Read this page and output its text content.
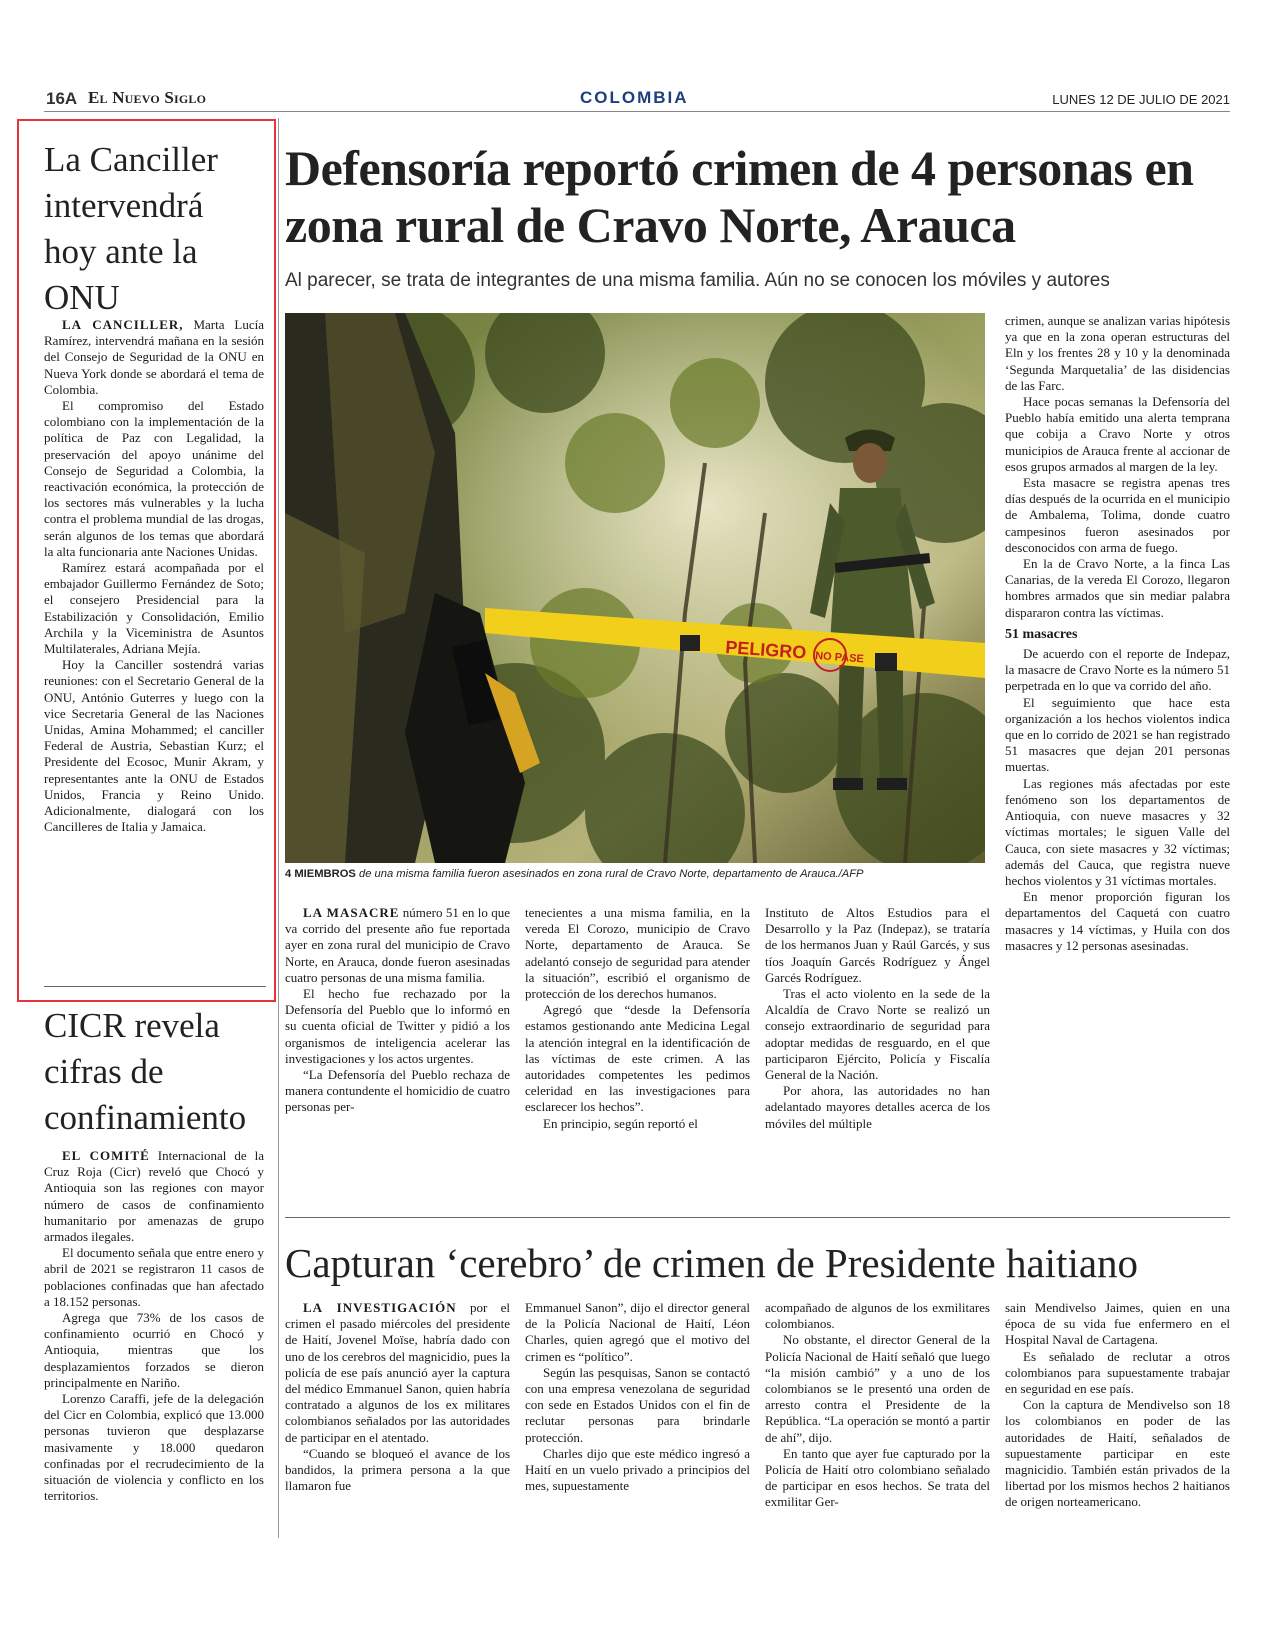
16A El Nuevo Siglo	COLOMBIA	LUNES 12 DE JULIO DE 2021
La Canciller intervendrá hoy ante la ONU

LA CANCILLER, Marta Lucía Ramírez, intervendrá mañana en la sesión del Consejo de Seguridad de la ONU en Nueva York donde se abordará el tema de Colombia.

El compromiso del Estado colombiano con la implementación de la política de Paz con Legalidad, la preservación del apoyo unánime del Consejo de Seguridad a Colombia, la reactivación económica, la protección de los sectores más vulnerables y la lucha contra el problema mundial de las drogas, serán algunos de los temas que abordará la alta funcionaria ante Naciones Unidas.

Ramírez estará acompañada por el embajador Guillermo Fernández de Soto; el consejero Presidencial para la Estabilización y Consolidación, Emilio Archila y la Viceministra de Asuntos Multilaterales, Adriana Mejía.

Hoy la Canciller sostendrá varias reuniones: con el Secretario General de la ONU, António Guterres y luego con la vice Secretaria General de las Naciones Unidas, Amina Mohammed; el canciller Federal de Austria, Sebastian Kurz; el Presidente del Ecosoc, Munir Akram, y representantes ante la ONU de Estados Unidos, Francia y Reino Unido. Adicionalmente, dialogará con los Cancilleres de Italia y Jamaica.

CICR revela cifras de confinamiento

EL COMITÉ Internacional de la Cruz Roja (Cicr) reveló que Chocó y Antioquia son las regiones con mayor número de casos de confinamiento humanitario por amenazas de grupo armados ilegales.

El documento señala que entre enero y abril de 2021 se registraron 11 casos de poblaciones confinadas que han afectado a 18.152 personas.

Agrega que 73% de los casos de confinamiento ocurrió en Chocó y Antioquia, mientras que los desplazamientos forzados se dieron principalmente en Nariño.

Lorenzo Caraffi, jefe de la delegación del Cicr en Colombia, explicó que 13.000 personas tuvieron que desplazarse masivamente y 18.000 quedaron confinadas por el recrudecimiento de la situación de violencia y conflicto en los territorios.

Defensoría reportó crimen de 4 personas en zona rural de Cravo Norte, Arauca
Al parecer, se trata de integrantes de una misma familia. Aún no se conocen los móviles y autores
PELIGRO NO PASE
4 MIEMBROS de una misma familia fueron asesinados en zona rural de Cravo Norte, departamento de Arauca./AFP

LA MASACRE número 51 en lo que va corrido del presente año fue reportada ayer en zona rural del municipio de Cravo Norte, en Arauca, donde fueron asesinadas cuatro personas de una misma familia.

El hecho fue rechazado por la Defensoría del Pueblo que lo informó en su cuenta oficial de Twitter y pidió a los organismos de inteligencia acelerar las investigaciones y los actos urgentes.

“La Defensoría del Pueblo rechaza de manera contundente el homicidio de cuatro personas per-

tenecientes a una misma familia, en la vereda El Corozo, municipio de Cravo Norte, departamento de Arauca. Se adelantó consejo de seguridad para atender la situación”, escribió el organismo de protección de los derechos humanos.

Agregó que “desde la Defensoría estamos gestionando ante Medicina Legal la atención integral en la identificación de las víctimas de este crimen. A las autoridades competentes les pedimos celeridad en las investigaciones para esclarecer los hechos”.

En principio, según reportó el

Instituto de Altos Estudios para el Desarrollo y la Paz (Indepaz), se trataría de los hermanos Juan y Raúl Garcés, y sus tíos Joaquín Garcés Rodríguez y Ángel Garcés Rodríguez.

Tras el acto violento en la sede de la Alcaldía de Cravo Norte se realizó un consejo extraordinario de seguridad para adoptar medidas de resguardo, en el que participaron Ejército, Policía y Fiscalía General de la Nación.

Por ahora, las autoridades no han adelantado mayores detalles acerca de los móviles del múltiple

crimen, aunque se analizan varias hipótesis ya que en la zona operan estructuras del Eln y los frentes 28 y 10 y la denominada ‘Segunda Marquetalia’ de las disidencias de las Farc.

Hace pocas semanas la Defensoría del Pueblo había emitido una alerta temprana que cobija a Cravo Norte y otros municipios de Arauca frente al accionar de esos grupos armados al margen de la ley.

Esta masacre se registra apenas tres días después de la ocurrida en el municipio de Ambalema, Tolima, donde cuatro campesinos fueron asesinados por desconocidos con arma de fuego.

En la de Cravo Norte, a la finca Las Canarias, de la vereda El Corozo, llegaron hombres armados que sin mediar palabra dispararon contra las víctimas.

51 masacres

De acuerdo con el reporte de Indepaz, la masacre de Cravo Norte es la número 51 perpetrada en lo que va corrido del año.

El seguimiento que hace esta organización a los hechos violentos indica que en lo corrido de 2021 se han registrado 51 masacres que dejan 201 personas muertas.

Las regiones más afectadas por este fenómeno son los departamentos de Antioquia, con nueve masacres y 32 víctimas mortales; le siguen Valle del Cauca, con siete masacres y 32 víctimas; además del Cauca, que registra nueve hechos violentos y 31 víctimas mortales.

En menor proporción figuran los departamentos del Caquetá con cuatro masacres y 14 víctimas, y Huila con dos masacres y 12 personas asesinadas.

Capturan ‘cerebro’ de crimen de Presidente haitiano

LA INVESTIGACIÓN por el crimen el pasado miércoles del presidente de Haití, Jovenel Moïse, habría dado con uno de los cerebros del magnicidio, pues la policía de ese país anunció ayer la captura del médico Emmanuel Sanon, quien habría contratado a algunos de los ex militares colombianos señalados por las autoridades de participar en el atentado.

“Cuando se bloqueó el avance de los bandidos, la primera persona a la que llamaron fue

Emmanuel Sanon”, dijo el director general de la Policía Nacional de Haití, Léon Charles, quien agregó que el motivo del crimen es “político”.

Según las pesquisas, Sanon se contactó con una empresa venezolana de seguridad con sede en Estados Unidos con el fin de reclutar personas para brindarle protección.

Charles dijo que este médico ingresó a Haití en un vuelo privado a principios del mes, supuestamente

acompañado de algunos de los exmilitares colombianos.

No obstante, el director General de la Policía Nacional de Haití señaló que luego “la misión cambió” y a uno de los colombianos se le presentó una orden de arresto contra el Presidente de la República. “La operación se montó a partir de ahí”, dijo.

En tanto que ayer fue capturado por la Policía de Haití otro colombiano señalado de participar en esos hechos. Se trata del exmilitar Ger-

sain Mendivelso Jaimes, quien en una época de su vida fue enfermero en el Hospital Naval de Cartagena.

Es señalado de reclutar a otros colombianos para supuestamente trabajar en seguridad en ese país.

Con la captura de Mendivelso son 18 los colombianos en poder de las autoridades de Haití, señalados de supuestamente participar en este magnicidio. También están privados de la libertad por los mismos hechos 2 haitianos de origen norteamericano.
